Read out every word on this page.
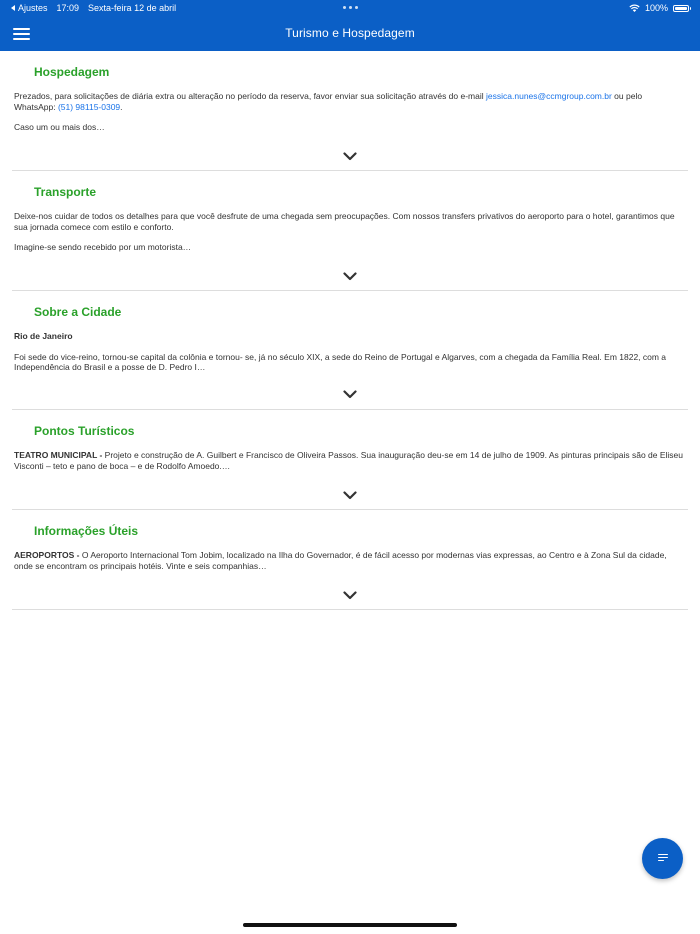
Ajustes 17:09 Sexta-feira 12 de abril	100%
Turismo e Hospedagem
Hospedagem

Prezados, para solicitações de diária extra ou alteração no período da reserva, favor enviar sua solicitação através do e-mail jessica.nunes@ccmgroup.com.br ou pelo WhatsApp: (51) 98115-0309.

Caso um ou mais dos…

Transporte

Deixe-nos cuidar de todos os detalhes para que você desfrute de uma chegada sem preocupações. Com nossos transfers privativos do aeroporto para o hotel, garantimos que sua jornada comece com estilo e conforto.

Imagine-se sendo recebido por um motorista…

Sobre a Cidade

Rio de Janeiro

Foi sede do vice-reino, tornou-se capital da colônia e tornou- se, já no século XIX, a sede do Reino de Portugal e Algarves, com a chegada da Família Real. Em 1822, com a Independência do Brasil e a posse de D. Pedro I…

Pontos Turísticos

TEATRO MUNICIPAL - Projeto e construção de A. Guilbert e Francisco de Oliveira Passos. Sua inauguração deu-se em 14 de julho de 1909. As pinturas principais são de Eliseu Visconti – teto e pano de boca – e de Rodolfo Amoedo.…

Informações Úteis

AEROPORTOS - O Aeroporto Internacional Tom Jobim, localizado na Ilha do Governador, é de fácil acesso por modernas vias expressas, ao Centro e à Zona Sul da cidade, onde se encontram os principais hotéis. Vinte e seis companhias…
